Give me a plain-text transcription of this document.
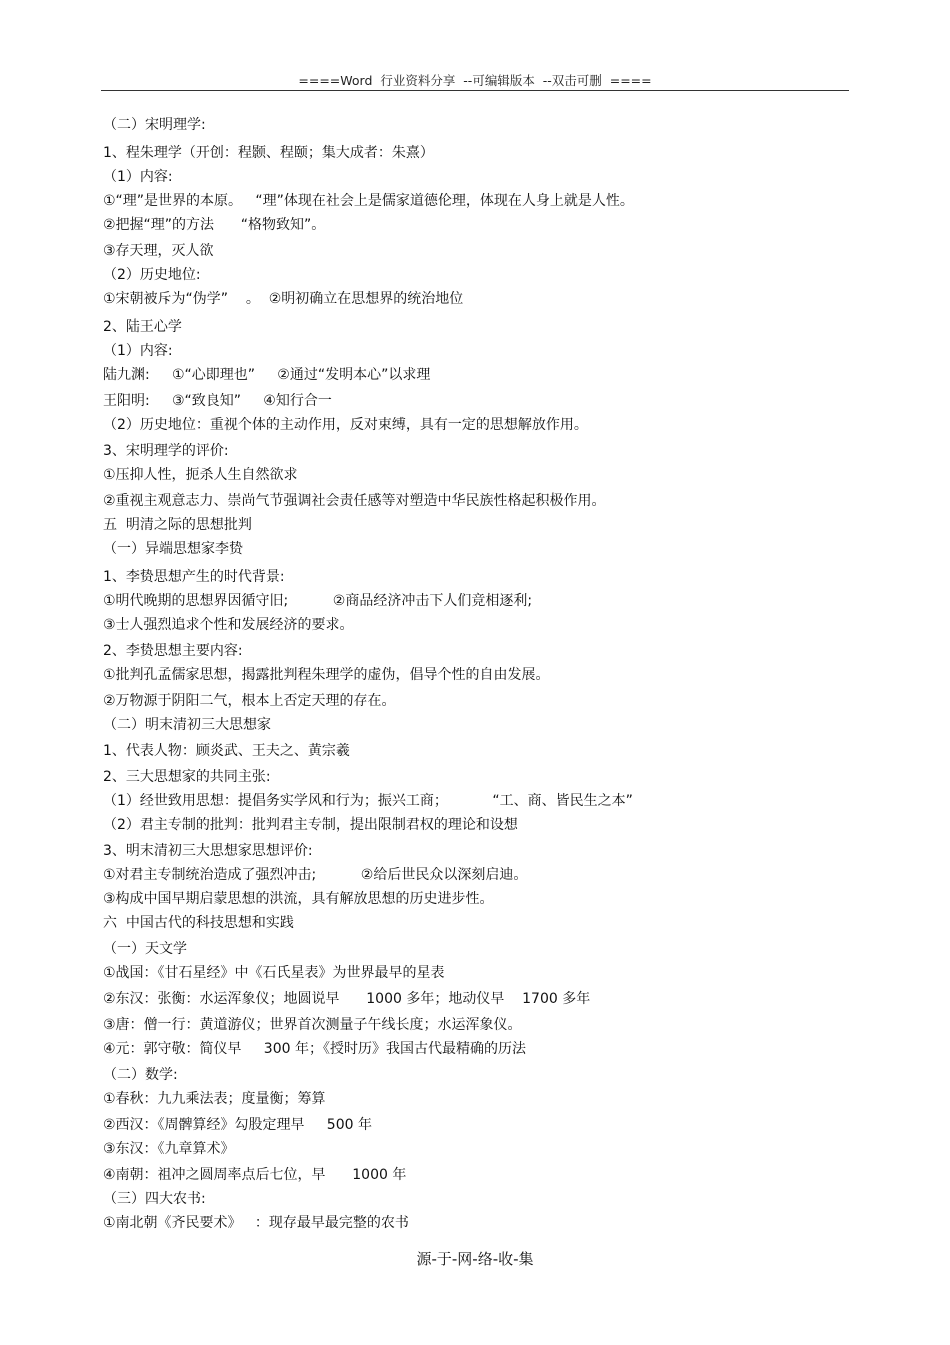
====Word  行业资料分享  --可编辑版本  --双击可删  ====
（二）宋明理学:
1、程朱理学（开创：程颢、程颐；集大成者：朱熹）
（1）内容:
①“理”是世界的本原。   “理”体现在社会上是儒家道德伦理，体现在人身上就是人性。
②把握“理”的方法      “格物致知”。
③存天理，灭人欲
（2）历史地位:
①宋朝被斥为“伪学”    。  ②明初确立在思想界的统治地位
2、陆王心学
（1）内容:
陆九渊:     ①“心即理也”     ②通过“发明本心”以求理
王阳明:     ③“致良知”     ④知行合一
（2）历史地位：重视个体的主动作用，反对束缚，具有一定的思想解放作用。
3、宋明理学的评价:
①压抑人性，扼杀人生自然欲求
②重视主观意志力、崇尚气节强调社会责任感等对塑造中华民族性格起积极作用。
五  明清之际的思想批判
（一）异端思想家李贽
1、李贽思想产生的时代背景:
①明代晚期的思想界因循守旧;          ②商品经济冲击下人们竞相逐利;
③士人强烈追求个性和发展经济的要求。
2、李贽思想主要内容:
①批判孔孟儒家思想，揭露批判程朱理学的虚伪，倡导个性的自由发展。
②万物源于阴阳二气，根本上否定天理的存在。
（二）明末清初三大思想家
1、代表人物：顾炎武、王夫之、黄宗羲
2、三大思想家的共同主张:
（1）经世致用思想：提倡务实学风和行为；振兴工商；          “工、商、皆民生之本”
（2）君主专制的批判：批判君主专制，提出限制君权的理论和设想
3、明末清初三大思想家思想评价:
①对君主专制统治造成了强烈冲击;          ②给后世民众以深刻启迪。
③构成中国早期启蒙思想的洪流，具有解放思想的历史进步性。
六  中国古代的科技思想和实践
（一）天文学
①战国：《甘石星经》中《石氏星表》为世界最早的星表
②东汉：张衡：水运浑象仪；地圆说早      1000 多年；地动仪早    1700 多年
③唐：僧一行：黄道游仪；世界首次测量子午线长度；水运浑象仪。
④元：郭守敬：简仪早     300 年；《授时历》我国古代最精确的历法
（二）数学:
①春秋：九九乘法表；度量衡；筹算
②西汉：《周髀算经》勾股定理早     500 年
③东汉：《九章算术》
④南朝：祖冲之圆周率点后七位，早      1000 年
（三）四大农书:
①南北朝《齐民要术》   ：现存最早最完整的农书
源-于-网-络-收-集
